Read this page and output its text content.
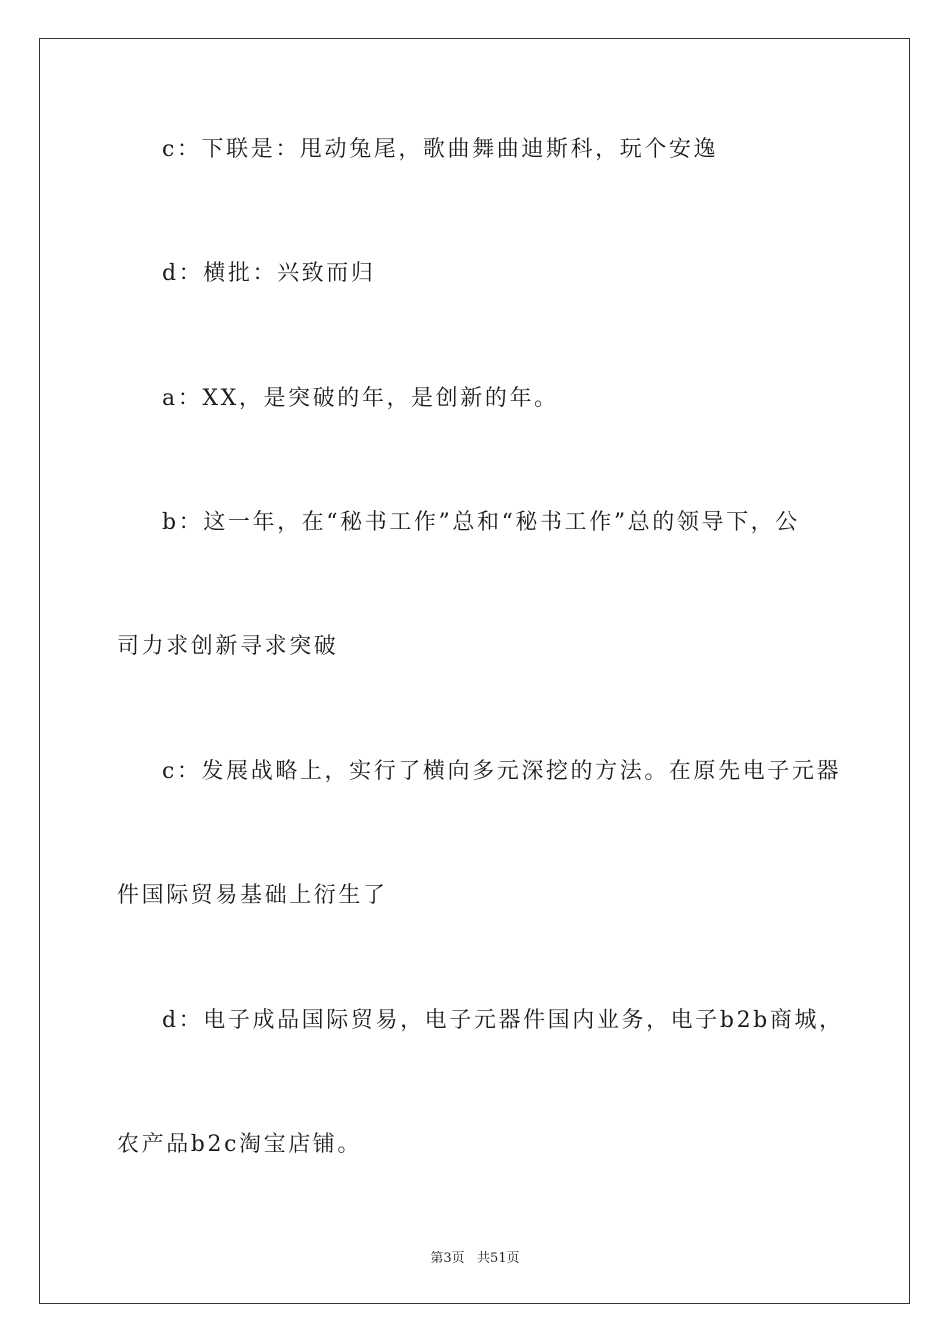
c：下联是：甩动兔尾，歌曲舞曲迪斯科，玩个安逸
d：横批：兴致而归
a：XX，是突破的年，是创新的年。
b：这一年，在“秘书工作”总和“秘书工作”总的领导下，公
司力求创新寻求突破
c：发展战略上，实行了横向多元深挖的方法。在原先电子元器
件国际贸易基础上衍生了
d：电子成品国际贸易，电子元器件国内业务，电子b2b商城，
农产品b2c淘宝店铺。
第3页   共51页
